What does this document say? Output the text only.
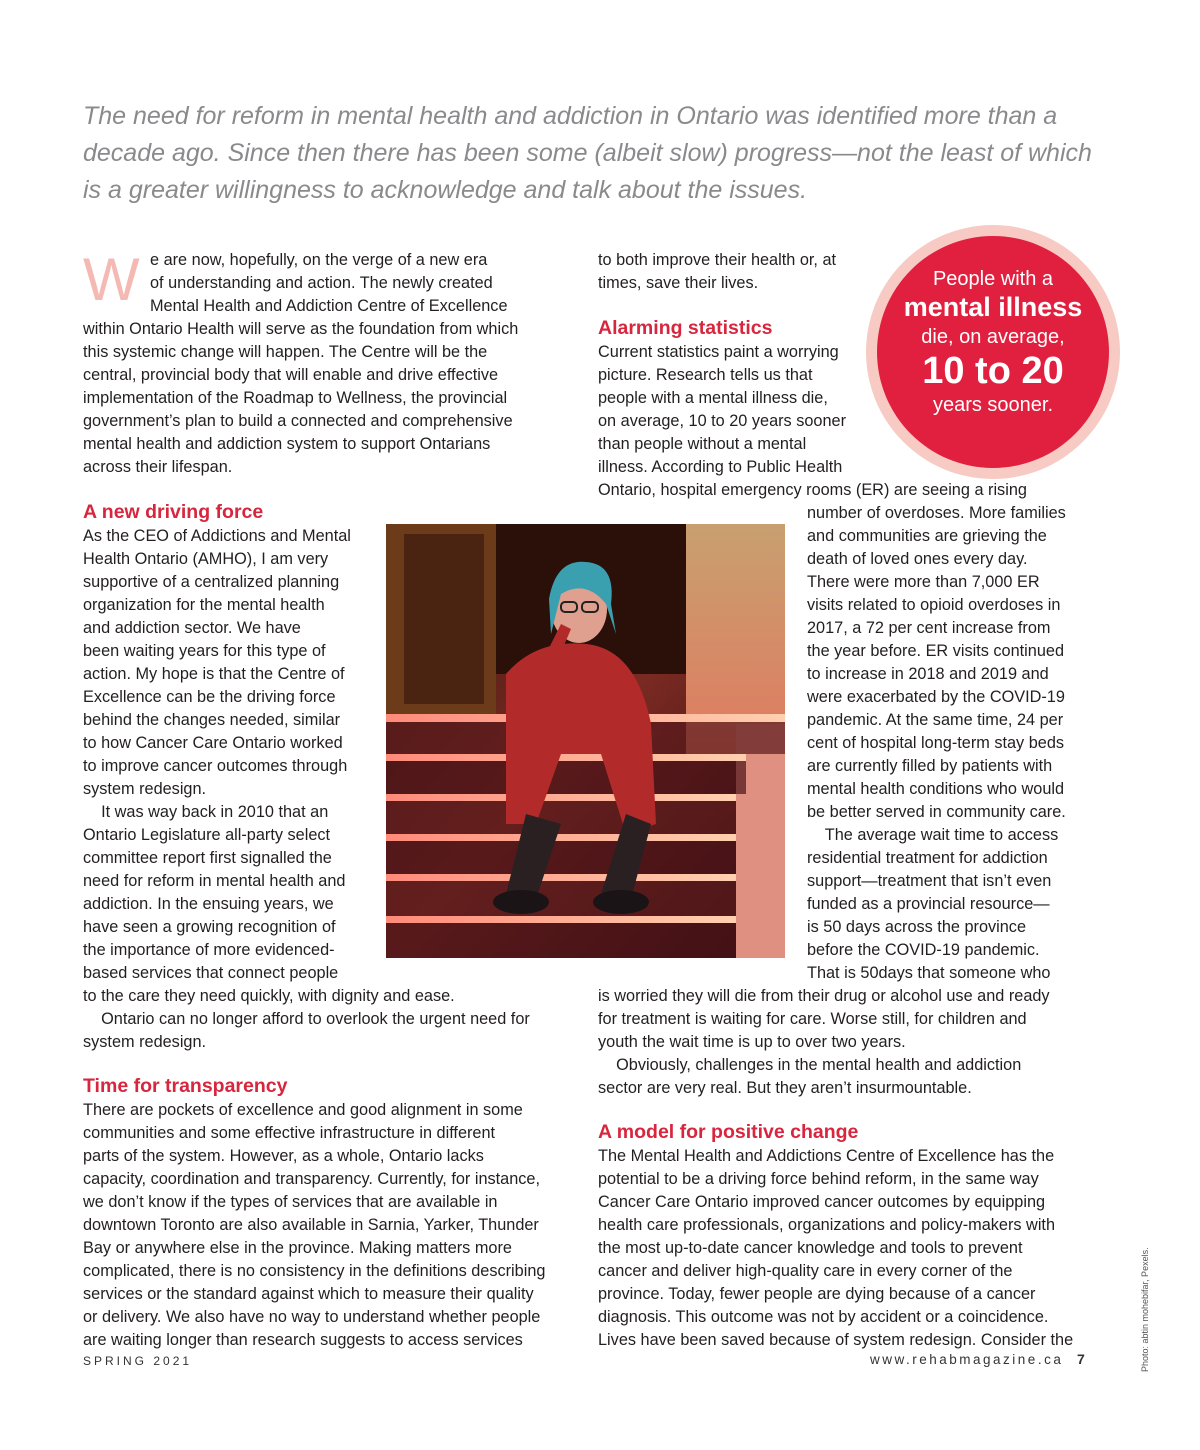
The need for reform in mental health and addiction in Ontario was identified more than a decade ago. Since then there has been some (albeit slow) progress—not the least of which is a greater willingness to acknowledge and talk about the issues.

W e are now, hopefully, on the verge of a new era
of understanding and action. The newly created
Mental Health and Addiction Centre of Excellence

within Ontario Health will serve as the foundation from which
this systemic change will happen. The Centre will be the
central, provincial body that will enable and drive effective
implementation of the Roadmap to Wellness, the provincial
government’s plan to build a connected and comprehensive
mental health and addiction system to support Ontarians
across their lifespan.

A new driving force

As the CEO of Addictions and Mental
Health Ontario (AMHO), I am very
supportive of a centralized planning
organization for the mental health
and addiction sector. We have
been waiting years for this type of
action. My hope is that the Centre of
Excellence can be the driving force
behind the changes needed, similar
to how Cancer Care Ontario worked
to improve cancer outcomes through
system redesign.
It was way back in 2010 that an
Ontario Legislature all-party select
committee report first signalled the
need for reform in mental health and
addiction. In the ensuing years, we
have seen a growing recognition of
the importance of more evidenced-
based services that connect people

to the care they need quickly, with dignity and ease.
Ontario can no longer afford to overlook the urgent need for
system redesign.

Time for transparency

There are pockets of excellence and good alignment in some
communities and some effective infrastructure in different
parts of the system. However, as a whole, Ontario lacks
capacity, coordination and transparency. Currently, for instance,
we don’t know if the types of services that are available in
downtown Toronto are also available in Sarnia, Yarker, Thunder
Bay or anywhere else in the province. Making matters more
complicated, there is no consistency in the definitions describing
services or the standard against which to measure their quality
or delivery. We also have no way to understand whether people
are waiting longer than research suggests to access services

to both improve their health or, at
times, save their lives.

Alarming statistics

Current statistics paint a worrying
picture. Research tells us that
people with a mental illness die,
on average, 10 to 20 years sooner
than people without a mental
illness. According to Public Health

Ontario, hospital emergency rooms (ER) are seeing a rising

number of overdoses. More families
and communities are grieving the
death of loved ones every day.
There were more than 7,000 ER
visits related to opioid overdoses in
2017, a 72 per cent increase from
the year before. ER visits continued
to increase in 2018 and 2019 and
were exacerbated by the COVID-19
pandemic. At the same time, 24 per
cent of hospital long-term stay beds
are currently filled by patients with
mental health conditions who would
be better served in community care.
The average wait time to access
residential treatment for addiction
support—treatment that isn’t even
funded as a provincial resource—
is 50 days across the province
before the COVID-19 pandemic.
That is 50days that someone who

is worried they will die from their drug or alcohol use and ready
for treatment is waiting for care. Worse still, for children and
youth the wait time is up to over two years.
Obviously, challenges in the mental health and addiction
sector are very real. But they aren’t insurmountable.

A model for positive change

The Mental Health and Addictions Centre of Excellence has the
potential to be a driving force behind reform, in the same way
Cancer Care Ontario improved cancer outcomes by equipping
health care professionals, organizations and policy-makers with
the most up-to-date cancer knowledge and tools to prevent
cancer and deliver high-quality care in every corner of the
province. Today, fewer people are dying because of a cancer
diagnosis. This outcome was not by accident or a coincidence.
Lives have been saved because of system redesign. Consider the

People with a
mental illness
die, on average,
10 to 20
years sooner.
SPRING 2021	www.rehabmagazine.ca 7	Photo: abtin mohebifar, Pexels.
